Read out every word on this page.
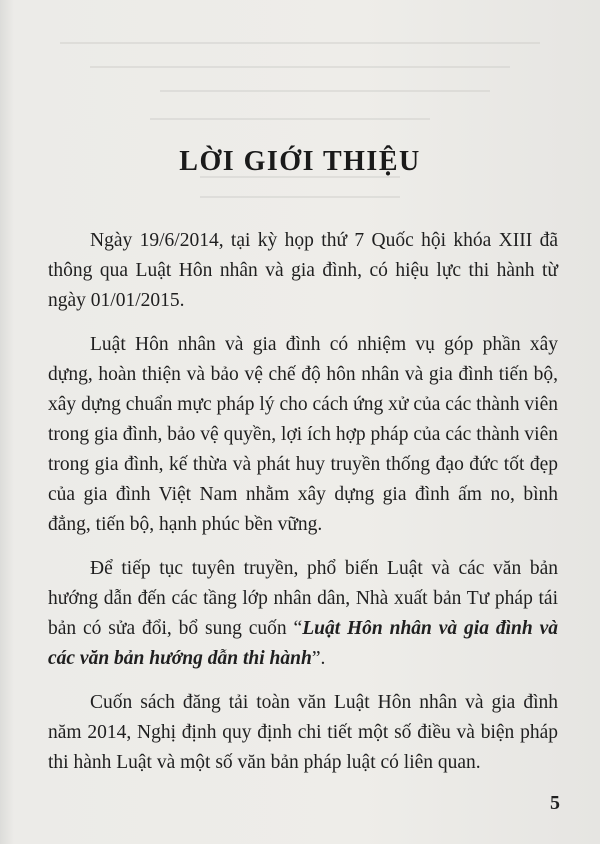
LỜI GIỚI THIỆU

Ngày 19/6/2014, tại kỳ họp thứ 7 Quốc hội khóa XIII đã thông qua Luật Hôn nhân và gia đình, có hiệu lực thi hành từ ngày 01/01/2015.

Luật Hôn nhân và gia đình có nhiệm vụ góp phần xây dựng, hoàn thiện và bảo vệ chế độ hôn nhân và gia đình tiến bộ, xây dựng chuẩn mực pháp lý cho cách ứng xử của các thành viên trong gia đình, bảo vệ quyền, lợi ích hợp pháp của các thành viên trong gia đình, kế thừa và phát huy truyền thống đạo đức tốt đẹp của gia đình Việt Nam nhằm xây dựng gia đình ấm no, bình đẳng, tiến bộ, hạnh phúc bền vững.

Để tiếp tục tuyên truyền, phổ biến Luật và các văn bản hướng dẫn đến các tầng lớp nhân dân, Nhà xuất bản Tư pháp tái bản có sửa đổi, bổ sung cuốn “Luật Hôn nhân và gia đình và các văn bản hướng dẫn thi hành”.

Cuốn sách đăng tải toàn văn Luật Hôn nhân và gia đình năm 2014, Nghị định quy định chi tiết một số điều và biện pháp thi hành Luật và một số văn bản pháp luật có liên quan.

5
